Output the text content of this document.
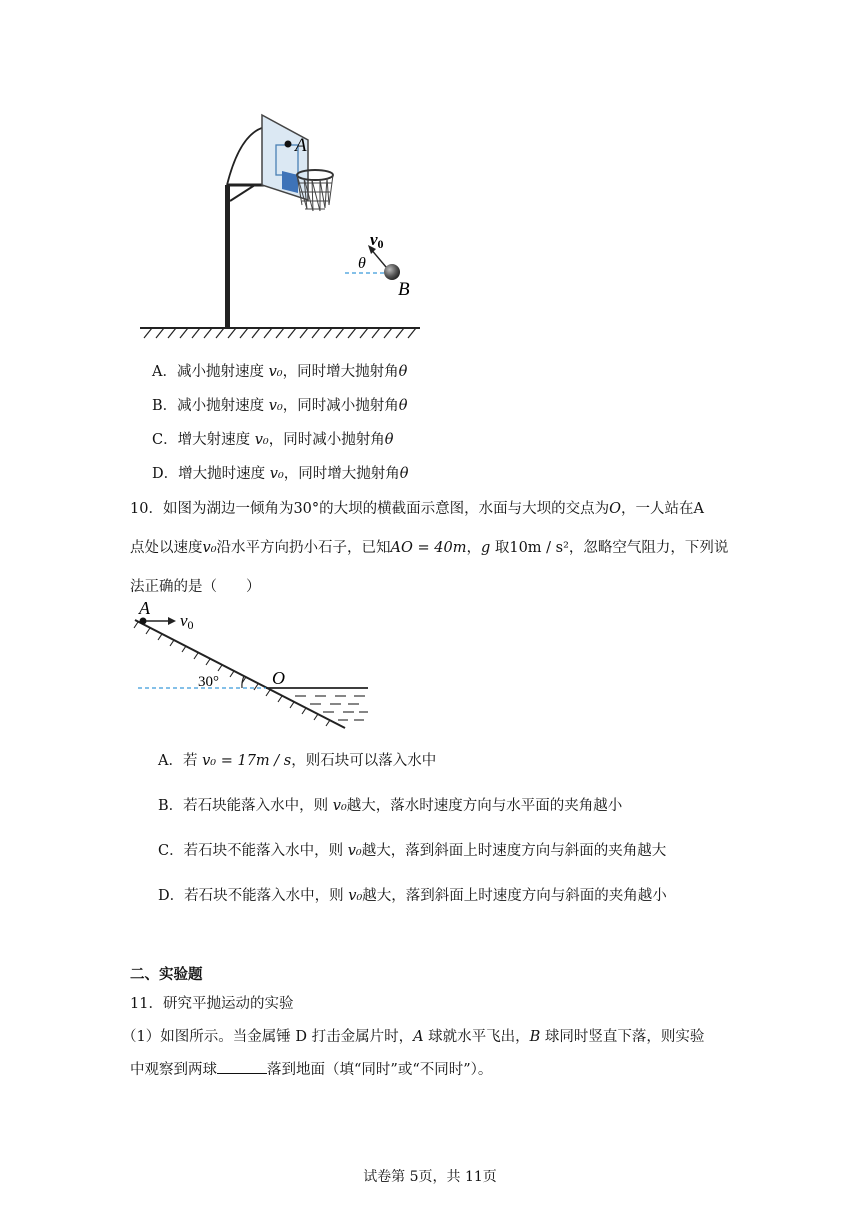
A
v0
θ
B
A．减小抛射速度 v₀，同时增大抛射角θ
B．减小抛射速度 v₀，同时减小抛射角θ
C．增大射速度 v₀，同时减小抛射角θ
D．增大抛时速度 v₀，同时增大抛射角θ
10．如图为湖边一倾角为30°的大坝的横截面示意图，水面与大坝的交点为O，一人站在A
点处以速度v₀沿水平方向扔小石子，已知AO = 40m，g 取10m / s²，忽略空气阻力，下列说
法正确的是（　　）
30°	O
A
v0
A．若 v₀ = 17m / s，则石块可以落入水中
B．若石块能落入水中，则 v₀越大，落水时速度方向与水平面的夹角越小
C．若石块不能落入水中，则 v₀越大，落到斜面上时速度方向与斜面的夹角越大
D．若石块不能落入水中，则 v₀越大，落到斜面上时速度方向与斜面的夹角越小
二、实验题
11．研究平抛运动的实验
（1）如图所示。当金属锤 D 打击金属片时，A 球就水平飞出，B 球同时竖直下落，则实验
中观察到两球	落到地面（填“同时”或“不同时”）。
试卷第 5页，共 11页
